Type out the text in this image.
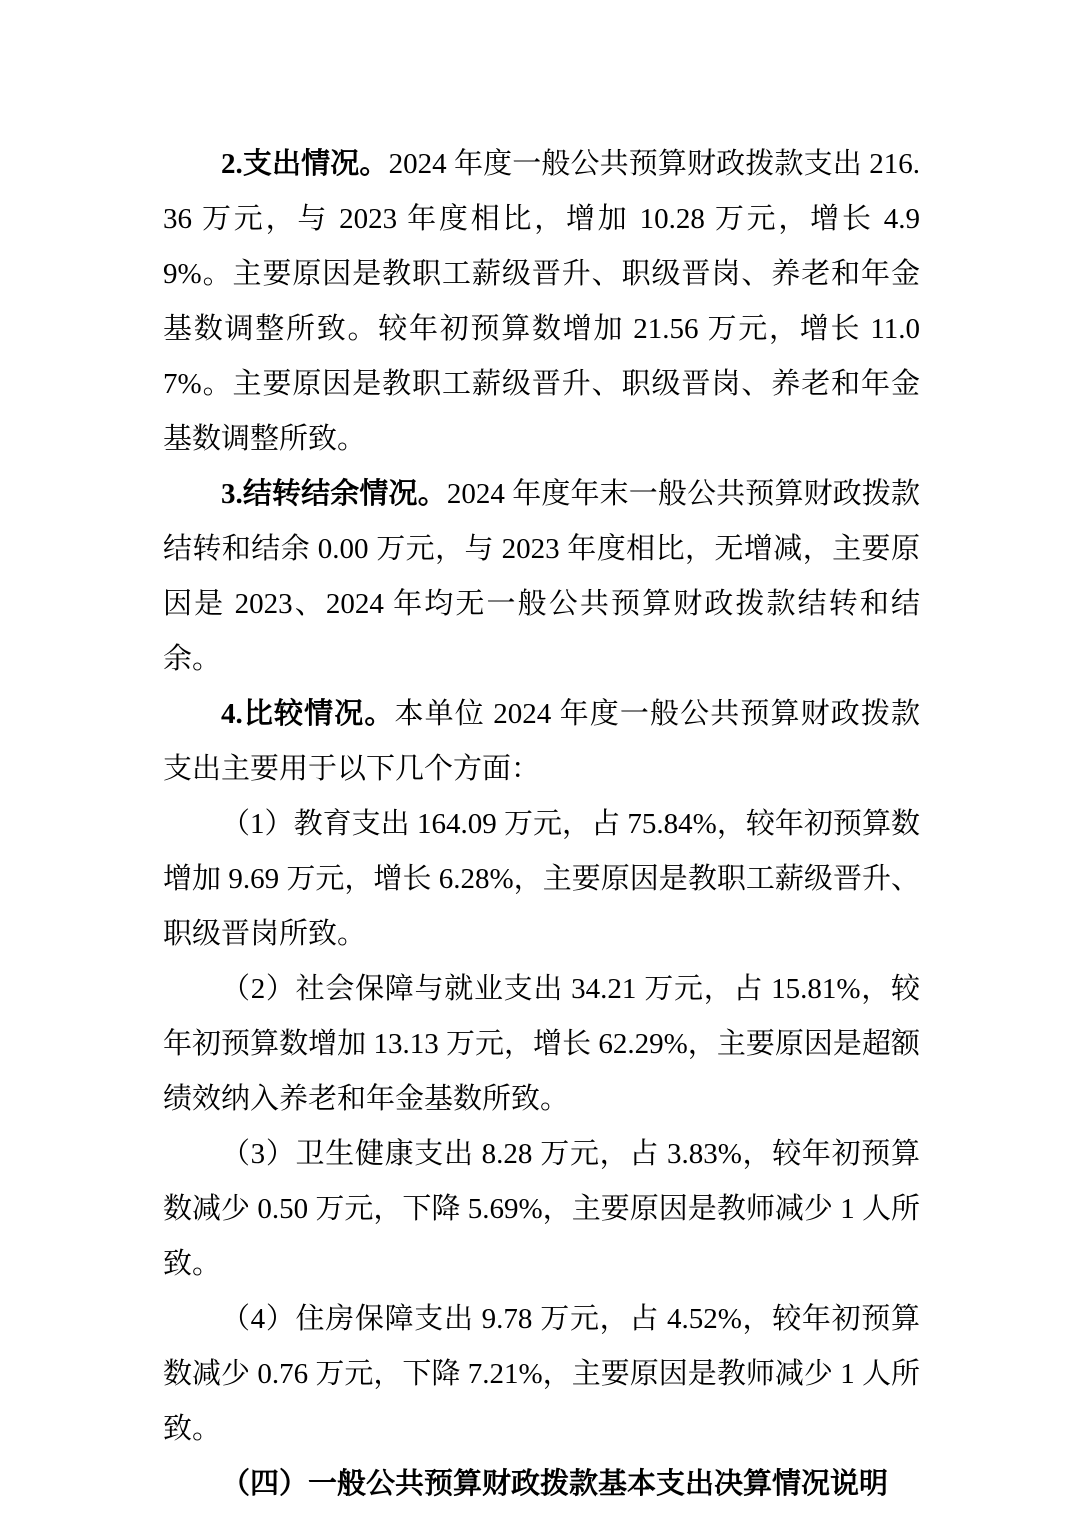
2.支出情况。2024 年度一般公共预算财政拨款支出 216.36 万元，与 2023 年度相比，增加 10.28 万元，增长 4.99%。主要原因是教职工薪级晋升、职级晋岗、养老和年金基数调整所致。较年初预算数增加 21.56 万元，增长 11.07%。主要原因是教职工薪级晋升、职级晋岗、养老和年金基数调整所致。

3.结转结余情况。2024 年度年末一般公共预算财政拨款结转和结余 0.00 万元，与 2023 年度相比，无增减，主要原因是 2023、2024 年均无一般公共预算财政拨款结转和结余。

4.比较情况。本单位 2024 年度一般公共预算财政拨款支出主要用于以下几个方面：

（1）教育支出 164.09 万元，占 75.84%，较年初预算数增加 9.69 万元，增长 6.28%，主要原因是教职工薪级晋升、职级晋岗所致。

（2）社会保障与就业支出 34.21 万元，占 15.81%，较年初预算数增加 13.13 万元，增长 62.29%，主要原因是超额绩效纳入养老和年金基数所致。

（3）卫生健康支出 8.28 万元，占 3.83%，较年初预算数减少 0.50 万元，下降 5.69%，主要原因是教师减少 1 人所致。

（4）住房保障支出 9.78 万元，占 4.52%，较年初预算数减少 0.76 万元，下降 7.21%，主要原因是教师减少 1 人所致。

（四）一般公共预算财政拨款基本支出决算情况说明
